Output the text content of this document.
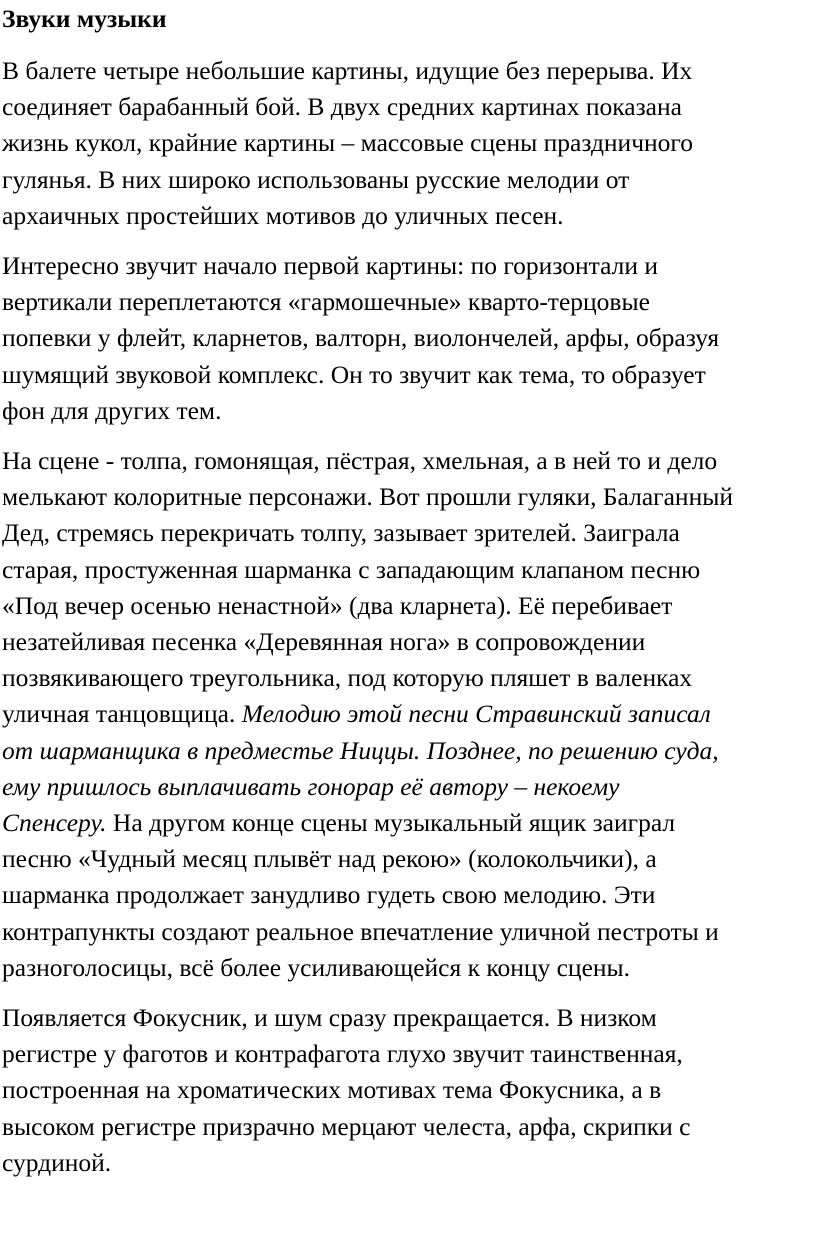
Звуки музыки

В балете четыре небольшие картины, идущие без перерыва. Их
соединяет барабанный бой. В двух средних картинах показана
жизнь кукол, крайние картины – массовые сцены праздничного
гулянья. В них широко использованы русские мелодии от
архаичных простейших мотивов до уличных песен.

Интересно звучит начало первой картины: по горизонтали и
вертикали переплетаются «гармошечные» кварто-терцовые
попевки у флейт, кларнетов, валторн, виолончелей, арфы, образуя
шумящий звуковой комплекс. Он то звучит как тема, то образует
фон для других тем.

На сцене - толпа, гомонящая, пёстрая, хмельная, а в ней то и дело
мелькают колоритные персонажи. Вот прошли гуляки, Балаганный
Дед, стремясь перекричать толпу, зазывает зрителей. Заиграла
старая, простуженная шарманка с западающим клапаном песню
«Под вечер осенью ненастной» (два кларнета). Её перебивает
незатейливая песенка «Деревянная нога» в сопровождении
позвякивающего треугольника, под которую пляшет в валенках
уличная танцовщица. Мелодию этой песни Стравинский записал
от шарманщика в предместье Ниццы. Позднее, по решению суда,
ему пришлось выплачивать гонорар её автору – некоему
Спенсеру. На другом конце сцены музыкальный ящик заиграл
песню «Чудный месяц плывёт над рекою» (колокольчики), а
шарманка продолжает занудливо гудеть свою мелодию. Эти
контрапункты создают реальное впечатление уличной пестроты и
разноголосицы, всё более усиливающейся к концу сцены.

Появляется Фокусник, и шум сразу прекращается. В низком
регистре у фаготов и контрафагота глухо звучит таинственная,
построенная на хроматических мотивах тема Фокусника, а в
высоком регистре призрачно мерцают челеста, арфа, скрипки с
сурдиной.
